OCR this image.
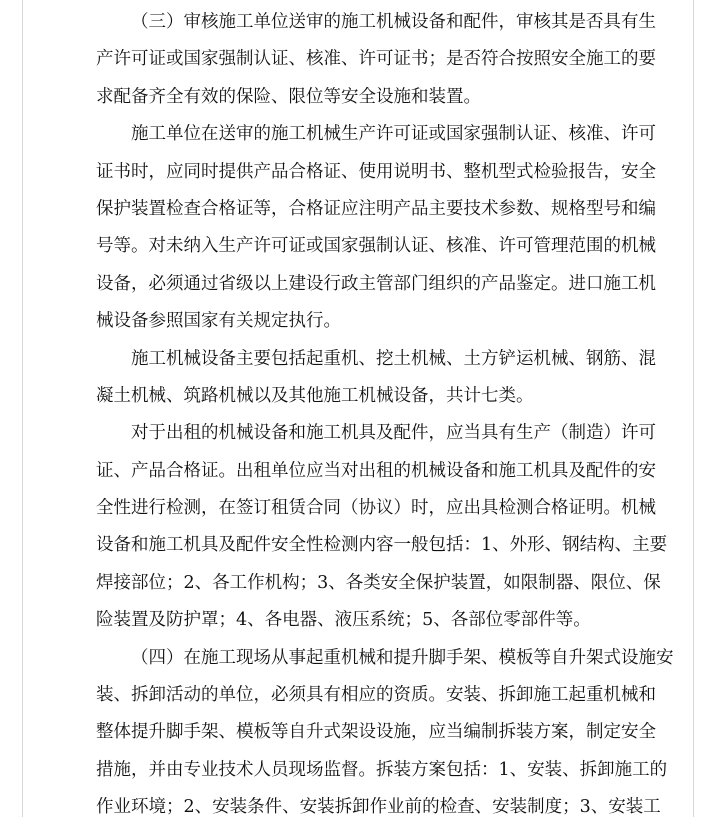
（三）审核施工单位送审的施工机械设备和配件，审核其是否具有生
产许可证或国家强制认证、核准、许可证书；是否符合按照安全施工的要
求配备齐全有效的保险、限位等安全设施和装置。
施工单位在送审的施工机械生产许可证或国家强制认证、核准、许可
证书时，应同时提供产品合格证、使用说明书、整机型式检验报告，安全
保护装置检查合格证等，合格证应注明产品主要技术参数、规格型号和编
号等。对未纳入生产许可证或国家强制认证、核准、许可管理范围的机械
设备，必须通过省级以上建设行政主管部门组织的产品鉴定。进口施工机
械设备参照国家有关规定执行。
施工机械设备主要包括起重机、挖土机械、土方铲运机械、钢筋、混
凝土机械、筑路机械以及其他施工机械设备，共计七类。
对于出租的机械设备和施工机具及配件，应当具有生产（制造）许可
证、产品合格证。出租单位应当对出租的机械设备和施工机具及配件的安
全性进行检测，在签订租赁合同（协议）时，应出具检测合格证明。机械
设备和施工机具及配件安全性检测内容一般包括：1、外形、钢结构、主要
焊接部位；2、各工作机构；3、各类安全保护装置，如限制器、限位、保
险装置及防护罩；4、各电器、液压系统；5、各部位零部件等。
（四）在施工现场从事起重机械和提升脚手架、模板等自升架式设施安
装、拆卸活动的单位，必须具有相应的资质。安装、拆卸施工起重机械和
整体提升脚手架、模板等自升式架设设施，应当编制拆装方案，制定安全
措施，并由专业技术人员现场监督。拆装方案包括：1、安装、拆卸施工的
作业环境；2、安装条件、安装拆卸作业前的检查、安装制度；3、安装工
